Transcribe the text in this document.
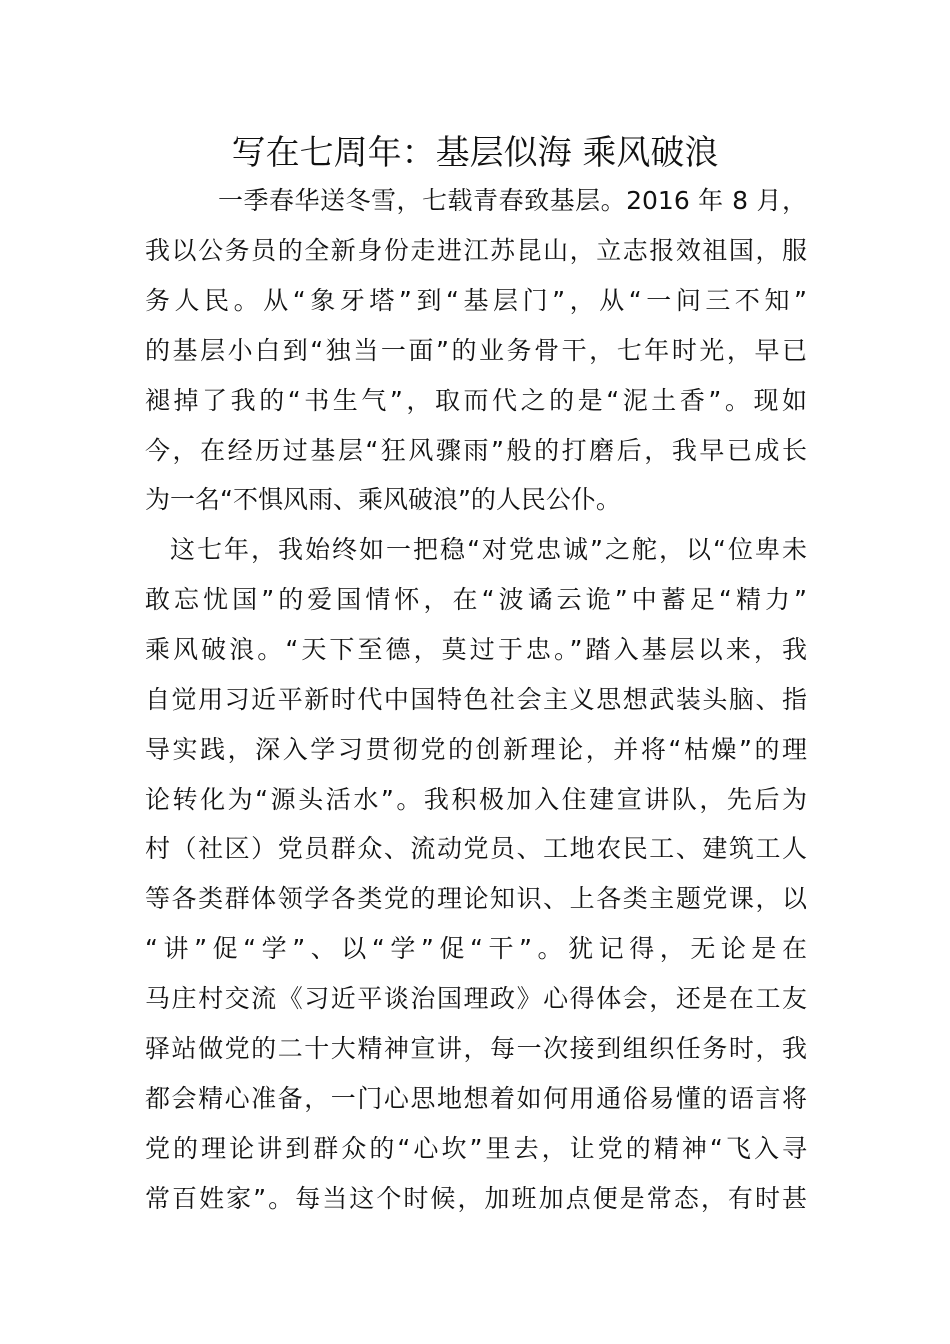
写在七周年：基层似海 乘风破浪
一季春华送冬雪，七载青春致基层。2016 年 8 月，
我以公务员的全新身份走进江苏昆山，立志报效祖国，服
务人民。从“象牙塔”到“基层门”，从“一问三不知”
的基层小白到“独当一面”的业务骨干，七年时光，早已
褪掉了我的“书生气”，取而代之的是“泥土香”。现如
今，在经历过基层“狂风骤雨”般的打磨后，我早已成长
为一名“不惧风雨、乘风破浪”的人民公仆。
这七年，我始终如一把稳“对党忠诚”之舵，以“位卑未
敢忘忧国”的爱国情怀，在“波谲云诡”中蓄足“精力”
乘风破浪。“天下至德，莫过于忠。”踏入基层以来，我
自觉用习近平新时代中国特色社会主义思想武装头脑、指
导实践，深入学习贯彻党的创新理论，并将“枯燥”的理
论转化为“源头活水”。我积极加入住建宣讲队，先后为
村（社区）党员群众、流动党员、工地农民工、建筑工人
等各类群体领学各类党的理论知识、上各类主题党课，以
“讲”促“学”、以“学”促“干”。犹记得，无论是在
马庄村交流《习近平谈治国理政》心得体会，还是在工友
驿站做党的二十大精神宣讲，每一次接到组织任务时，我
都会精心准备，一门心思地想着如何用通俗易懂的语言将
党的理论讲到群众的“心坎”里去，让党的精神“飞入寻
常百姓家”。每当这个时候，加班加点便是常态，有时甚
